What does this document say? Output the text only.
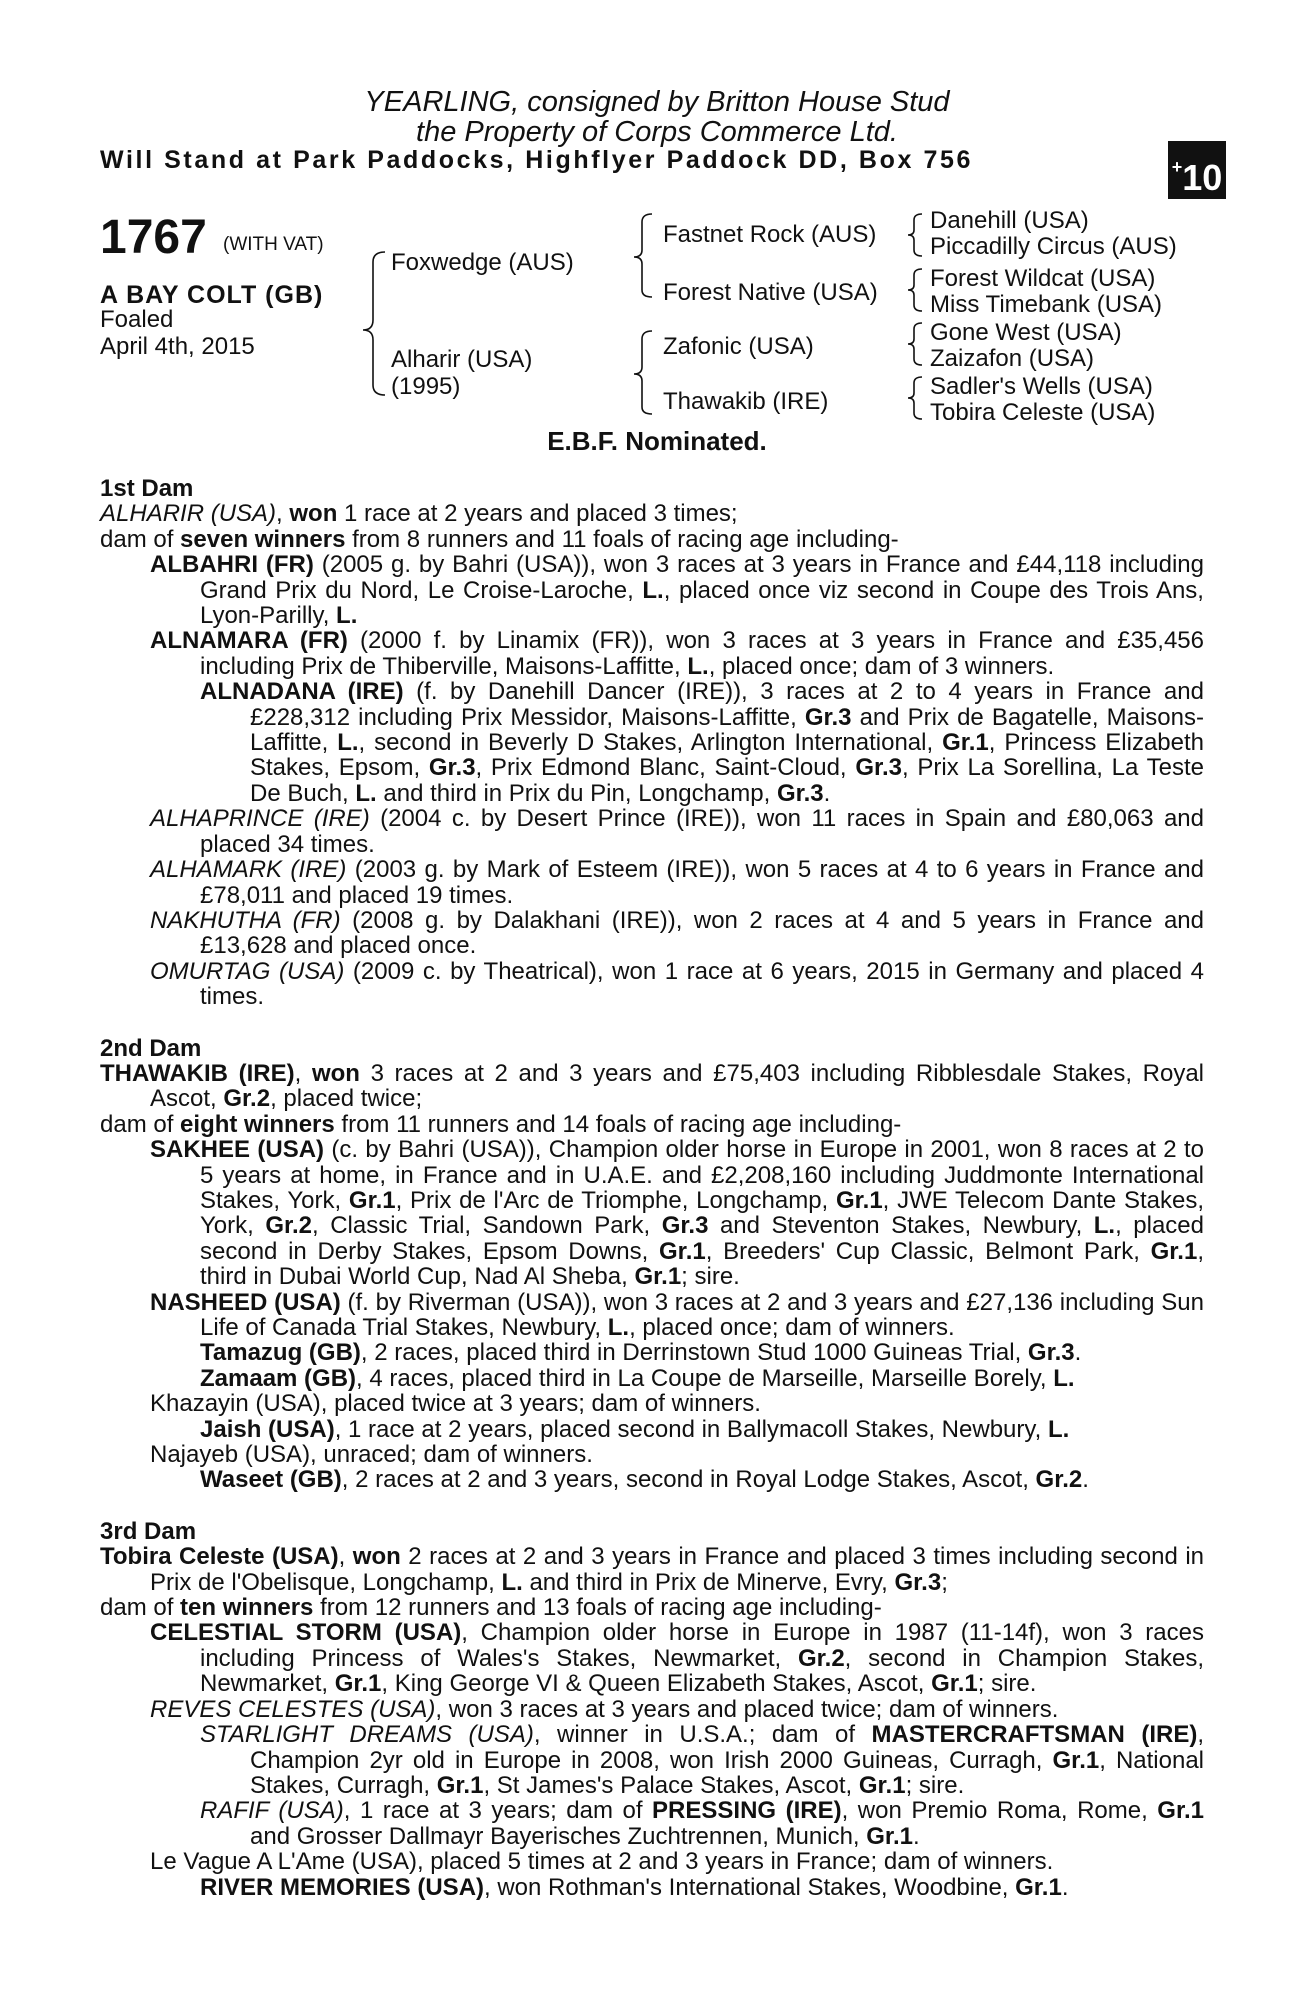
YEARLING, consigned by Britton House Stud
the Property of Corps Commerce Ltd.
Will Stand at Park Paddocks, Highflyer Paddock DD, Box 756	+10
1767 (WITH VAT)
A BAY COLT (GB)
Foaled
April 4th, 2015
Foxwedge (AUS)
Alharir (USA)
(1995)
Fastnet Rock (AUS)
Forest Native (USA)
Zafonic (USA)
Thawakib (IRE)
Danehill (USA)
Piccadilly Circus (AUS)
Forest Wildcat (USA)
Miss Timebank (USA)
Gone West (USA)
Zaizafon (USA)
Sadler's Wells (USA)
Tobira Celeste (USA)
E.B.F. Nominated.

1st Dam

ALHARIR (USA), won 1 race at 2 years and placed 3 times;

dam of seven winners from 8 runners and 11 foals of racing age including-

ALBAHRI (FR) (2005 g. by Bahri (USA)), won 3 races at 3 years in France and £44,118 including Grand Prix du Nord, Le Croise-Laroche, L., placed once viz second in Coupe des Trois Ans, Lyon-Parilly, L.

ALNAMARA (FR) (2000 f. by Linamix (FR)), won 3 races at 3 years in France and £35,456 including Prix de Thiberville, Maisons-Laffitte, L., placed once; dam of 3 winners.

ALNADANA (IRE) (f. by Danehill Dancer (IRE)), 3 races at 2 to 4 years in France and £228,312 including Prix Messidor, Maisons-Laffitte, Gr.3 and Prix de Bagatelle, Maisons-Laffitte, L., second in Beverly D Stakes, Arlington International, Gr.1, Princess Elizabeth Stakes, Epsom, Gr.3, Prix Edmond Blanc, Saint-Cloud, Gr.3, Prix La Sorellina, La Teste De Buch, L. and third in Prix du Pin, Longchamp, Gr.3.

ALHAPRINCE (IRE) (2004 c. by Desert Prince (IRE)), won 11 races in Spain and £80,063 and placed 34 times.

ALHAMARK (IRE) (2003 g. by Mark of Esteem (IRE)), won 5 races at 4 to 6 years in France and £78,011 and placed 19 times.

NAKHUTHA (FR) (2008 g. by Dalakhani (IRE)), won 2 races at 4 and 5 years in France and £13,628 and placed once.

OMURTAG (USA) (2009 c. by Theatrical), won 1 race at 6 years, 2015 in Germany and placed 4 times.

2nd Dam

THAWAKIB (IRE), won 3 races at 2 and 3 years and £75,403 including Ribblesdale Stakes, Royal Ascot, Gr.2, placed twice;

dam of eight winners from 11 runners and 14 foals of racing age including-

SAKHEE (USA) (c. by Bahri (USA)), Champion older horse in Europe in 2001, won 8 races at 2 to 5 years at home, in France and in U.A.E. and £2,208,160 including Juddmonte International Stakes, York, Gr.1, Prix de l'Arc de Triomphe, Longchamp, Gr.1, JWE Telecom Dante Stakes, York, Gr.2, Classic Trial, Sandown Park, Gr.3 and Steventon Stakes, Newbury, L., placed second in Derby Stakes, Epsom Downs, Gr.1, Breeders' Cup Classic, Belmont Park, Gr.1, third in Dubai World Cup, Nad Al Sheba, Gr.1; sire.

NASHEED (USA) (f. by Riverman (USA)), won 3 races at 2 and 3 years and £27,136 including Sun Life of Canada Trial Stakes, Newbury, L., placed once; dam of winners.

Tamazug (GB), 2 races, placed third in Derrinstown Stud 1000 Guineas Trial, Gr.3.

Zamaam (GB), 4 races, placed third in La Coupe de Marseille, Marseille Borely, L.

Khazayin (USA), placed twice at 3 years; dam of winners.

Jaish (USA), 1 race at 2 years, placed second in Ballymacoll Stakes, Newbury, L.

Najayeb (USA), unraced; dam of winners.

Waseet (GB), 2 races at 2 and 3 years, second in Royal Lodge Stakes, Ascot, Gr.2.

3rd Dam

Tobira Celeste (USA), won 2 races at 2 and 3 years in France and placed 3 times including second in Prix de l'Obelisque, Longchamp, L. and third in Prix de Minerve, Evry, Gr.3;

dam of ten winners from 12 runners and 13 foals of racing age including-

CELESTIAL STORM (USA), Champion older horse in Europe in 1987 (11-14f), won 3 races including Princess of Wales's Stakes, Newmarket, Gr.2, second in Champion Stakes, Newmarket, Gr.1, King George VI & Queen Elizabeth Stakes, Ascot, Gr.1; sire.

REVES CELESTES (USA), won 3 races at 3 years and placed twice; dam of winners.

STARLIGHT DREAMS (USA), winner in U.S.A.; dam of MASTERCRAFTSMAN (IRE), Champion 2yr old in Europe in 2008, won Irish 2000 Guineas, Curragh, Gr.1, National Stakes, Curragh, Gr.1, St James's Palace Stakes, Ascot, Gr.1; sire.

RAFIF (USA), 1 race at 3 years; dam of PRESSING (IRE), won Premio Roma, Rome, Gr.1 and Grosser Dallmayr Bayerisches Zuchtrennen, Munich, Gr.1.

Le Vague A L'Ame (USA), placed 5 times at 2 and 3 years in France; dam of winners.

RIVER MEMORIES (USA), won Rothman's International Stakes, Woodbine, Gr.1.
